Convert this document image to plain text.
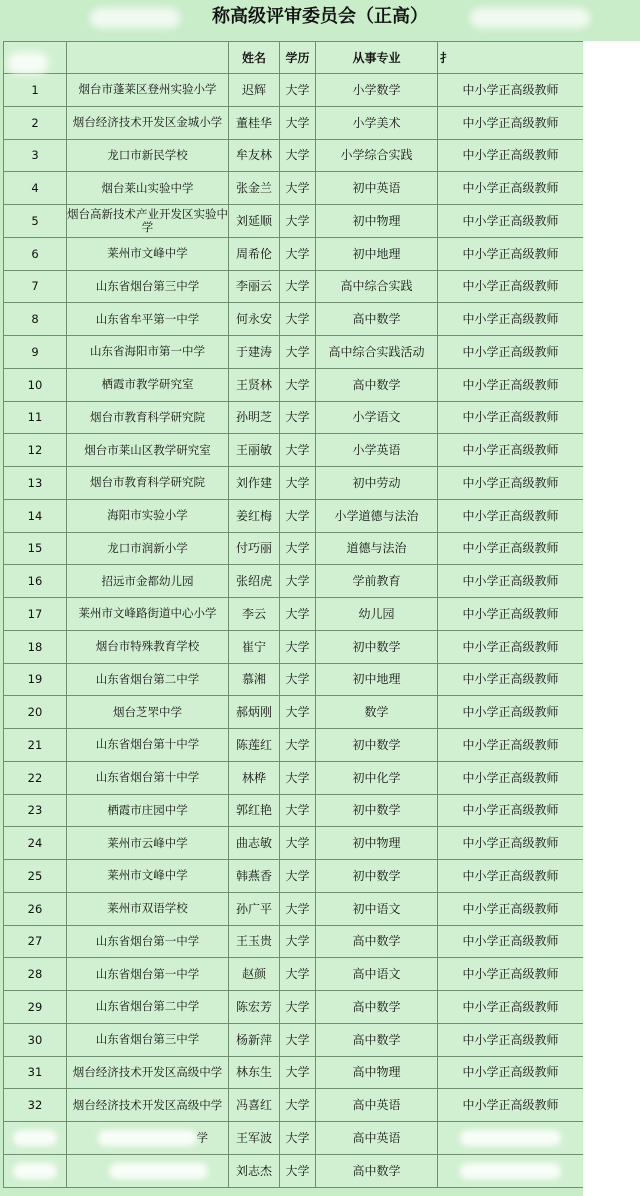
称高级评审委员会（正高）
		姓名	学历	从事专业	扌
1	烟台市蓬莱区登州实验小学	迟辉	大学	小学数学	中小学正高级教师
2	烟台经济技术开发区金城小学	董桂华	大学	小学美术	中小学正高级教师
3	龙口市新民学校	牟友林	大学	小学综合实践	中小学正高级教师
4	烟台莱山实验中学	张金兰	大学	初中英语	中小学正高级教师
5	烟台高新技术产业开发区实验中学	刘延顺	大学	初中物理	中小学正高级教师
6	莱州市文峰中学	周希伦	大学	初中地理	中小学正高级教师
7	山东省烟台第三中学	李丽云	大学	高中综合实践	中小学正高级教师
8	山东省牟平第一中学	何永安	大学	高中数学	中小学正高级教师
9	山东省海阳市第一中学	于建涛	大学	高中综合实践活动	中小学正高级教师
10	栖霞市教学研究室	王贤林	大学	高中数学	中小学正高级教师
11	烟台市教育科学研究院	孙明芝	大学	小学语文	中小学正高级教师
12	烟台市莱山区教学研究室	王丽敏	大学	小学英语	中小学正高级教师
13	烟台市教育科学研究院	刘作建	大学	初中劳动	中小学正高级教师
14	海阳市实验小学	姜红梅	大学	小学道德与法治	中小学正高级教师
15	龙口市润新小学	付巧丽	大学	道德与法治	中小学正高级教师
16	招远市金都幼儿园	张绍虎	大学	学前教育	中小学正高级教师
17	莱州市文峰路街道中心小学	李云	大学	幼儿园	中小学正高级教师
18	烟台市特殊教育学校	崔宁	大学	初中数学	中小学正高级教师
19	山东省烟台第二中学	慕湘	大学	初中地理	中小学正高级教师
20	烟台芝罘中学	郝炳刚	大学	数学	中小学正高级教师
21	山东省烟台第十中学	陈莲红	大学	初中数学	中小学正高级教师
22	山东省烟台第十中学	林桦	大学	初中化学	中小学正高级教师
23	栖霞市庄园中学	郭红艳	大学	初中数学	中小学正高级教师
24	莱州市云峰中学	曲志敏	大学	初中物理	中小学正高级教师
25	莱州市文峰中学	韩燕香	大学	初中数学	中小学正高级教师
26	莱州市双语学校	孙广平	大学	初中语文	中小学正高级教师
27	山东省烟台第一中学	王玉贵	大学	高中数学	中小学正高级教师
28	山东省烟台第一中学	赵颜	大学	高中语文	中小学正高级教师
29	山东省烟台第二中学	陈宏芳	大学	高中数学	中小学正高级教师
30	山东省烟台第三中学	杨新萍	大学	高中数学	中小学正高级教师
31	烟台经济技术开发区高级中学	林东生	大学	高中物理	中小学正高级教师
32	烟台经济技术开发区高级中学	冯喜红	大学	高中英语	中小学正高级教师
	学	王军波	大学	高中英语	
		刘志杰	大学	高中数学	
